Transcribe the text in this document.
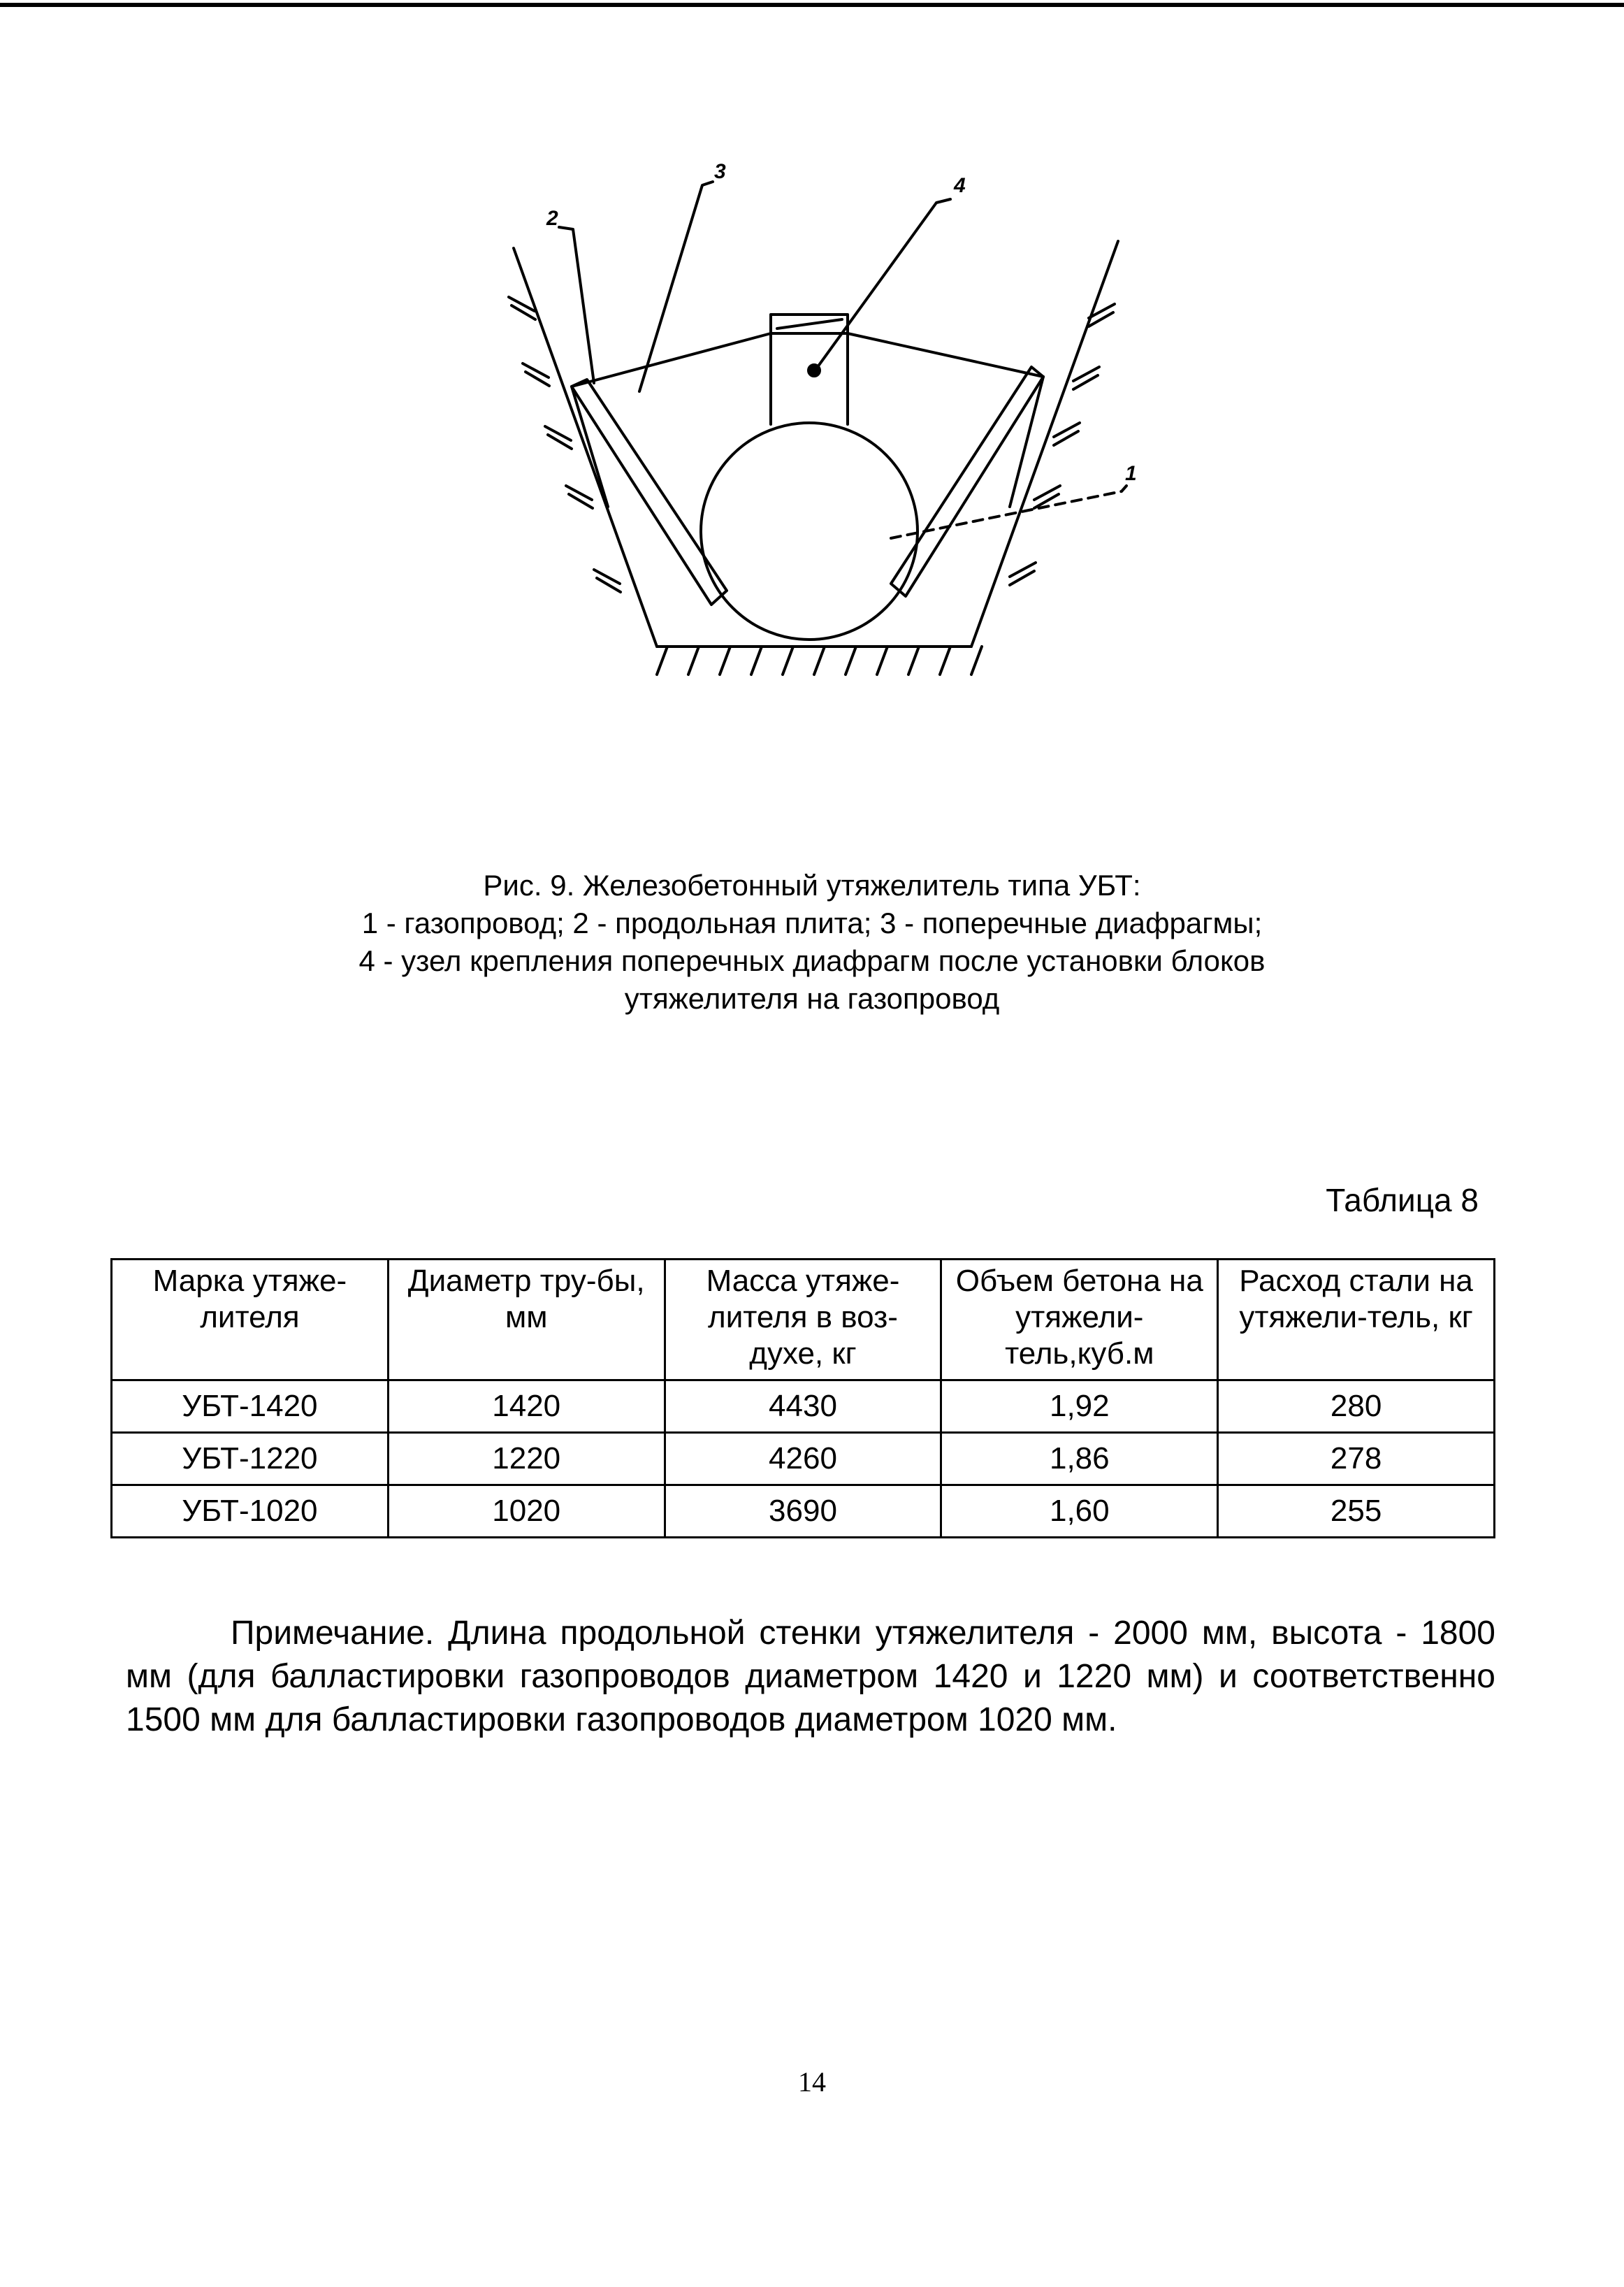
4
3
2
1
Рис. 9. Железобетонный утяжелитель типа УБТ:
1 - газопровод; 2 - продольная плита; 3 - поперечные диафрагмы;
4 - узел крепления поперечных диафрагм после установки блоков
утяжелителя на газопровод
Таблица 8
Марка утяже-лителя	Диаметр тру-бы, мм	Масса утяже-лителя в воз-духе, кг	Объем бетона на утяжели-тель,куб.м	Расход стали на утяжели-тель, кг
УБТ-1420	1420	4430	1,92	280
УБТ-1220	1220	4260	1,86	278
УБТ-1020	1020	3690	1,60	255

Примечание. Длина продольной стенки утяжелителя - 2000 мм, высота - 1800 мм (для балластировки газопроводов диаметром 1420 и 1220 мм) и соответственно 1500 мм для балластировки газопроводов диаметром 1020 мм.

14
